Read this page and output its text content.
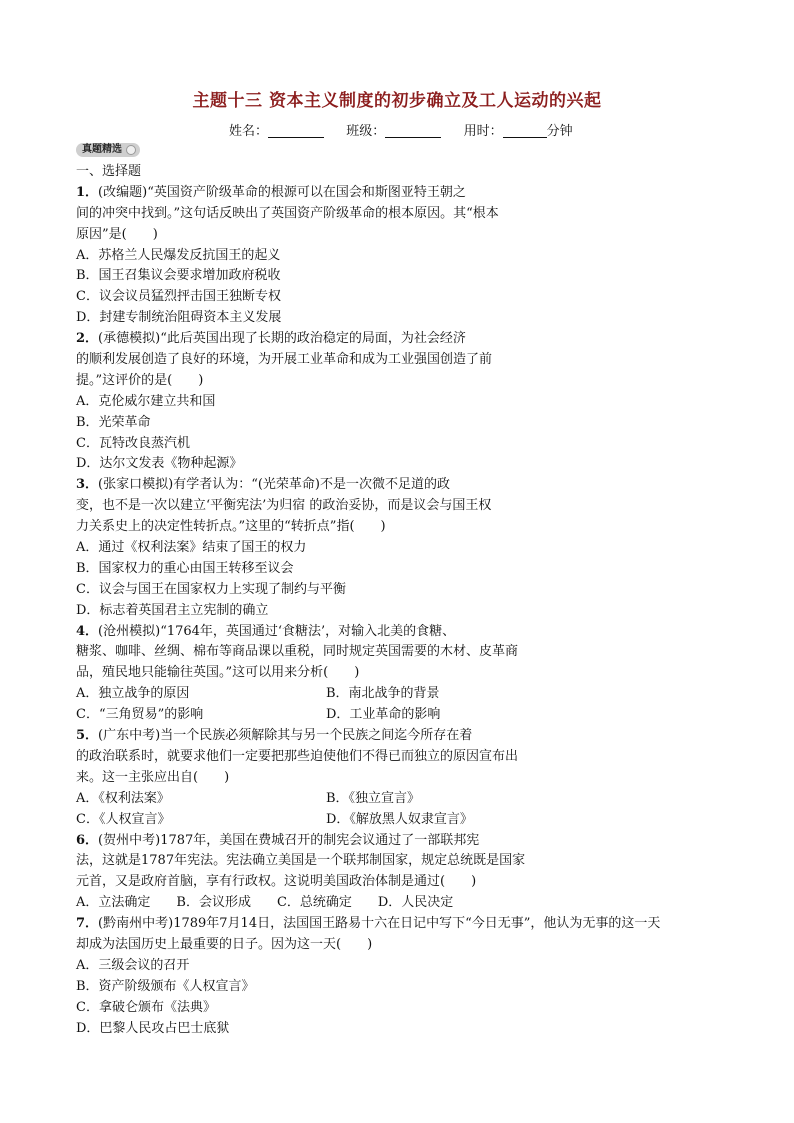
主题十三 资本主义制度的初步确立及工人运动的兴起
姓名：	班级：	用时：	分钟
真题精选
一、选择题
1．(改编题)“英国资产阶级革命的根源可以在国会和斯图亚特王朝之
间的冲突中找到。”这句话反映出了英国资产阶级革命的根本原因。其“根本
原因”是(　　)
A．苏格兰人民爆发反抗国王的起义
B．国王召集议会要求增加政府税收
C．议会议员猛烈抨击国王独断专权
D．封建专制统治阻碍资本主义发展
2．(承德模拟)“此后英国出现了长期的政治稳定的局面，为社会经济
的顺利发展创造了良好的环境，为开展工业革命和成为工业强国创造了前
提。”这评价的是(　　)
A．克伦威尔建立共和国
B．光荣革命
C．瓦特改良蒸汽机
D．达尔文发表《物种起源》
3．(张家口模拟)有学者认为：“(光荣革命)不是一次微不足道的政
变，也不是一次以建立‘平衡宪法’为归宿 的政治妥协，而是议会与国王权
力关系史上的决定性转折点。”这里的“转折点”指(　　)
A．通过《权利法案》结束了国王的权力
B．国家权力的重心由国王转移至议会
C．议会与国王在国家权力上实现了制约与平衡
D．标志着英国君主立宪制的确立
4．(沧州模拟)“1764年，英国通过‘食糖法’，对输入北美的食糖、
糖浆、咖啡、丝绸、棉布等商品课以重税，同时规定英国需要的木材、皮革商
品，殖民地只能输往英国。”这可以用来分析(　　)
A．独立战争的原因	B．南北战争的背景
C．“三角贸易”的影响	D．工业革命的影响
5．(广东中考)当一个民族必须解除其与另一个民族之间迄今所存在着
的政治联系时，就要求他们一定要把那些迫使他们不得已而独立的原因宣布出
来。这一主张应出自(　　)
A．《权利法案》	B．《独立宣言》
C．《人权宣言》	D．《解放黑人奴隶宣言》
6．(贺州中考)1787年，美国在费城召开的制宪会议通过了一部联邦宪
法，这就是1787年宪法。宪法确立美国是一个联邦制国家，规定总统既是国家
元首，又是政府首脑，享有行政权。这说明美国政治体制是通过(　　)
A．立法确定　　B．会议形成　　C．总统确定　　D．人民决定
7．(黔南州中考)1789年7月14日，法国国王路易十六在日记中写下“今日无事”，他认为无事的这一天
却成为法国历史上最重要的日子。因为这一天(　　)
A．三级会议的召开
B．资产阶级颁布《人权宣言》
C．拿破仑颁布《法典》
D．巴黎人民攻占巴士底狱
